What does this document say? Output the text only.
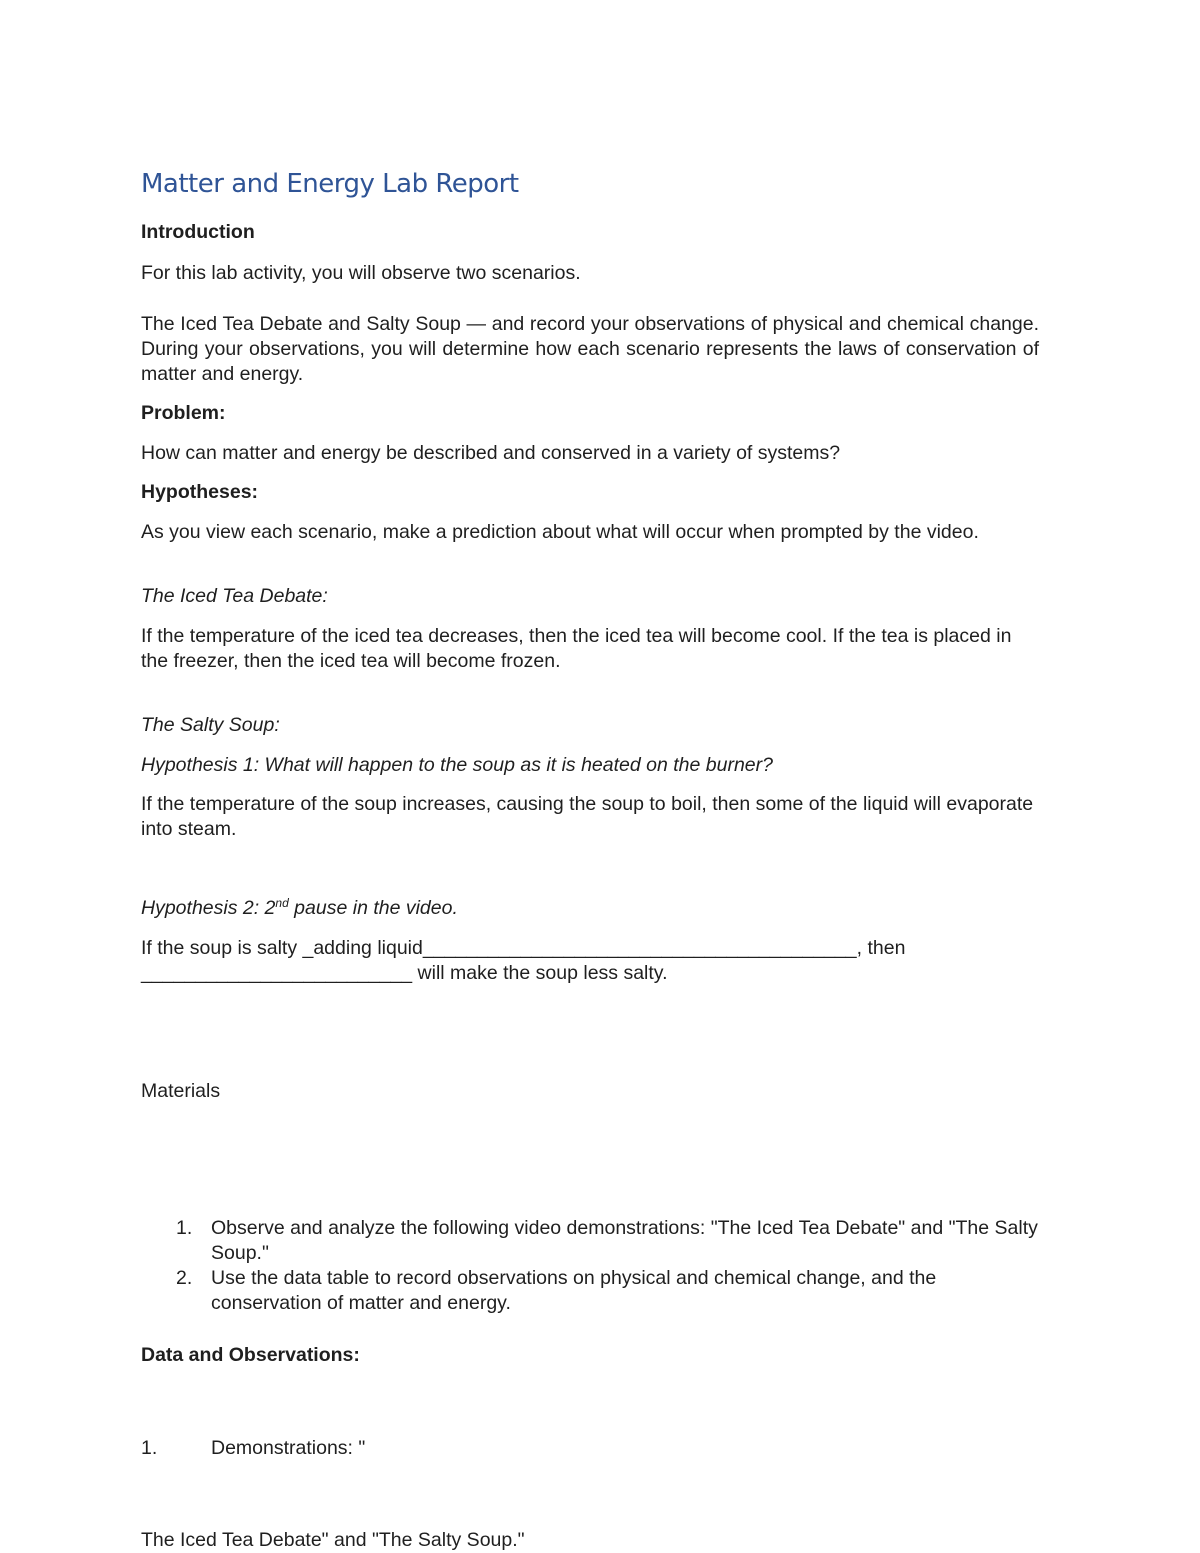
Matter and Energy Lab Report
Introduction
For this lab activity, you will observe two scenarios.
The Iced Tea Debate and Salty Soup — and record your observations of physical and chemical change. During your observations, you will determine how each scenario represents the laws of conservation of matter and energy.
Problem:
How can matter and energy be described and conserved in a variety of systems?
Hypotheses:
As you view each scenario, make a prediction about what will occur when prompted by the video.
The Iced Tea Debate:
If the temperature of the iced tea decreases, then the iced tea will become cool. If the tea is placed in the freezer, then the iced tea will become frozen.
The Salty Soup:
Hypothesis 1: What will happen to the soup as it is heated on the burner?
If the temperature of the soup increases, causing the soup to boil, then some of the liquid will evaporate into steam.
Hypothesis 2: 2nd pause in the video.
If the soup is salty _adding liquid________________________________________, then
_________________________ will make the soup less salty.
Materials
1. Observe and analyze the following video demonstrations: "The Iced Tea Debate" and "The Salty Soup."
2. Use the data table to record observations on physical and chemical change, and the conservation of matter and energy.
Data and Observations:
1.	Demonstrations: "
The Iced Tea Debate" and "The Salty Soup."
